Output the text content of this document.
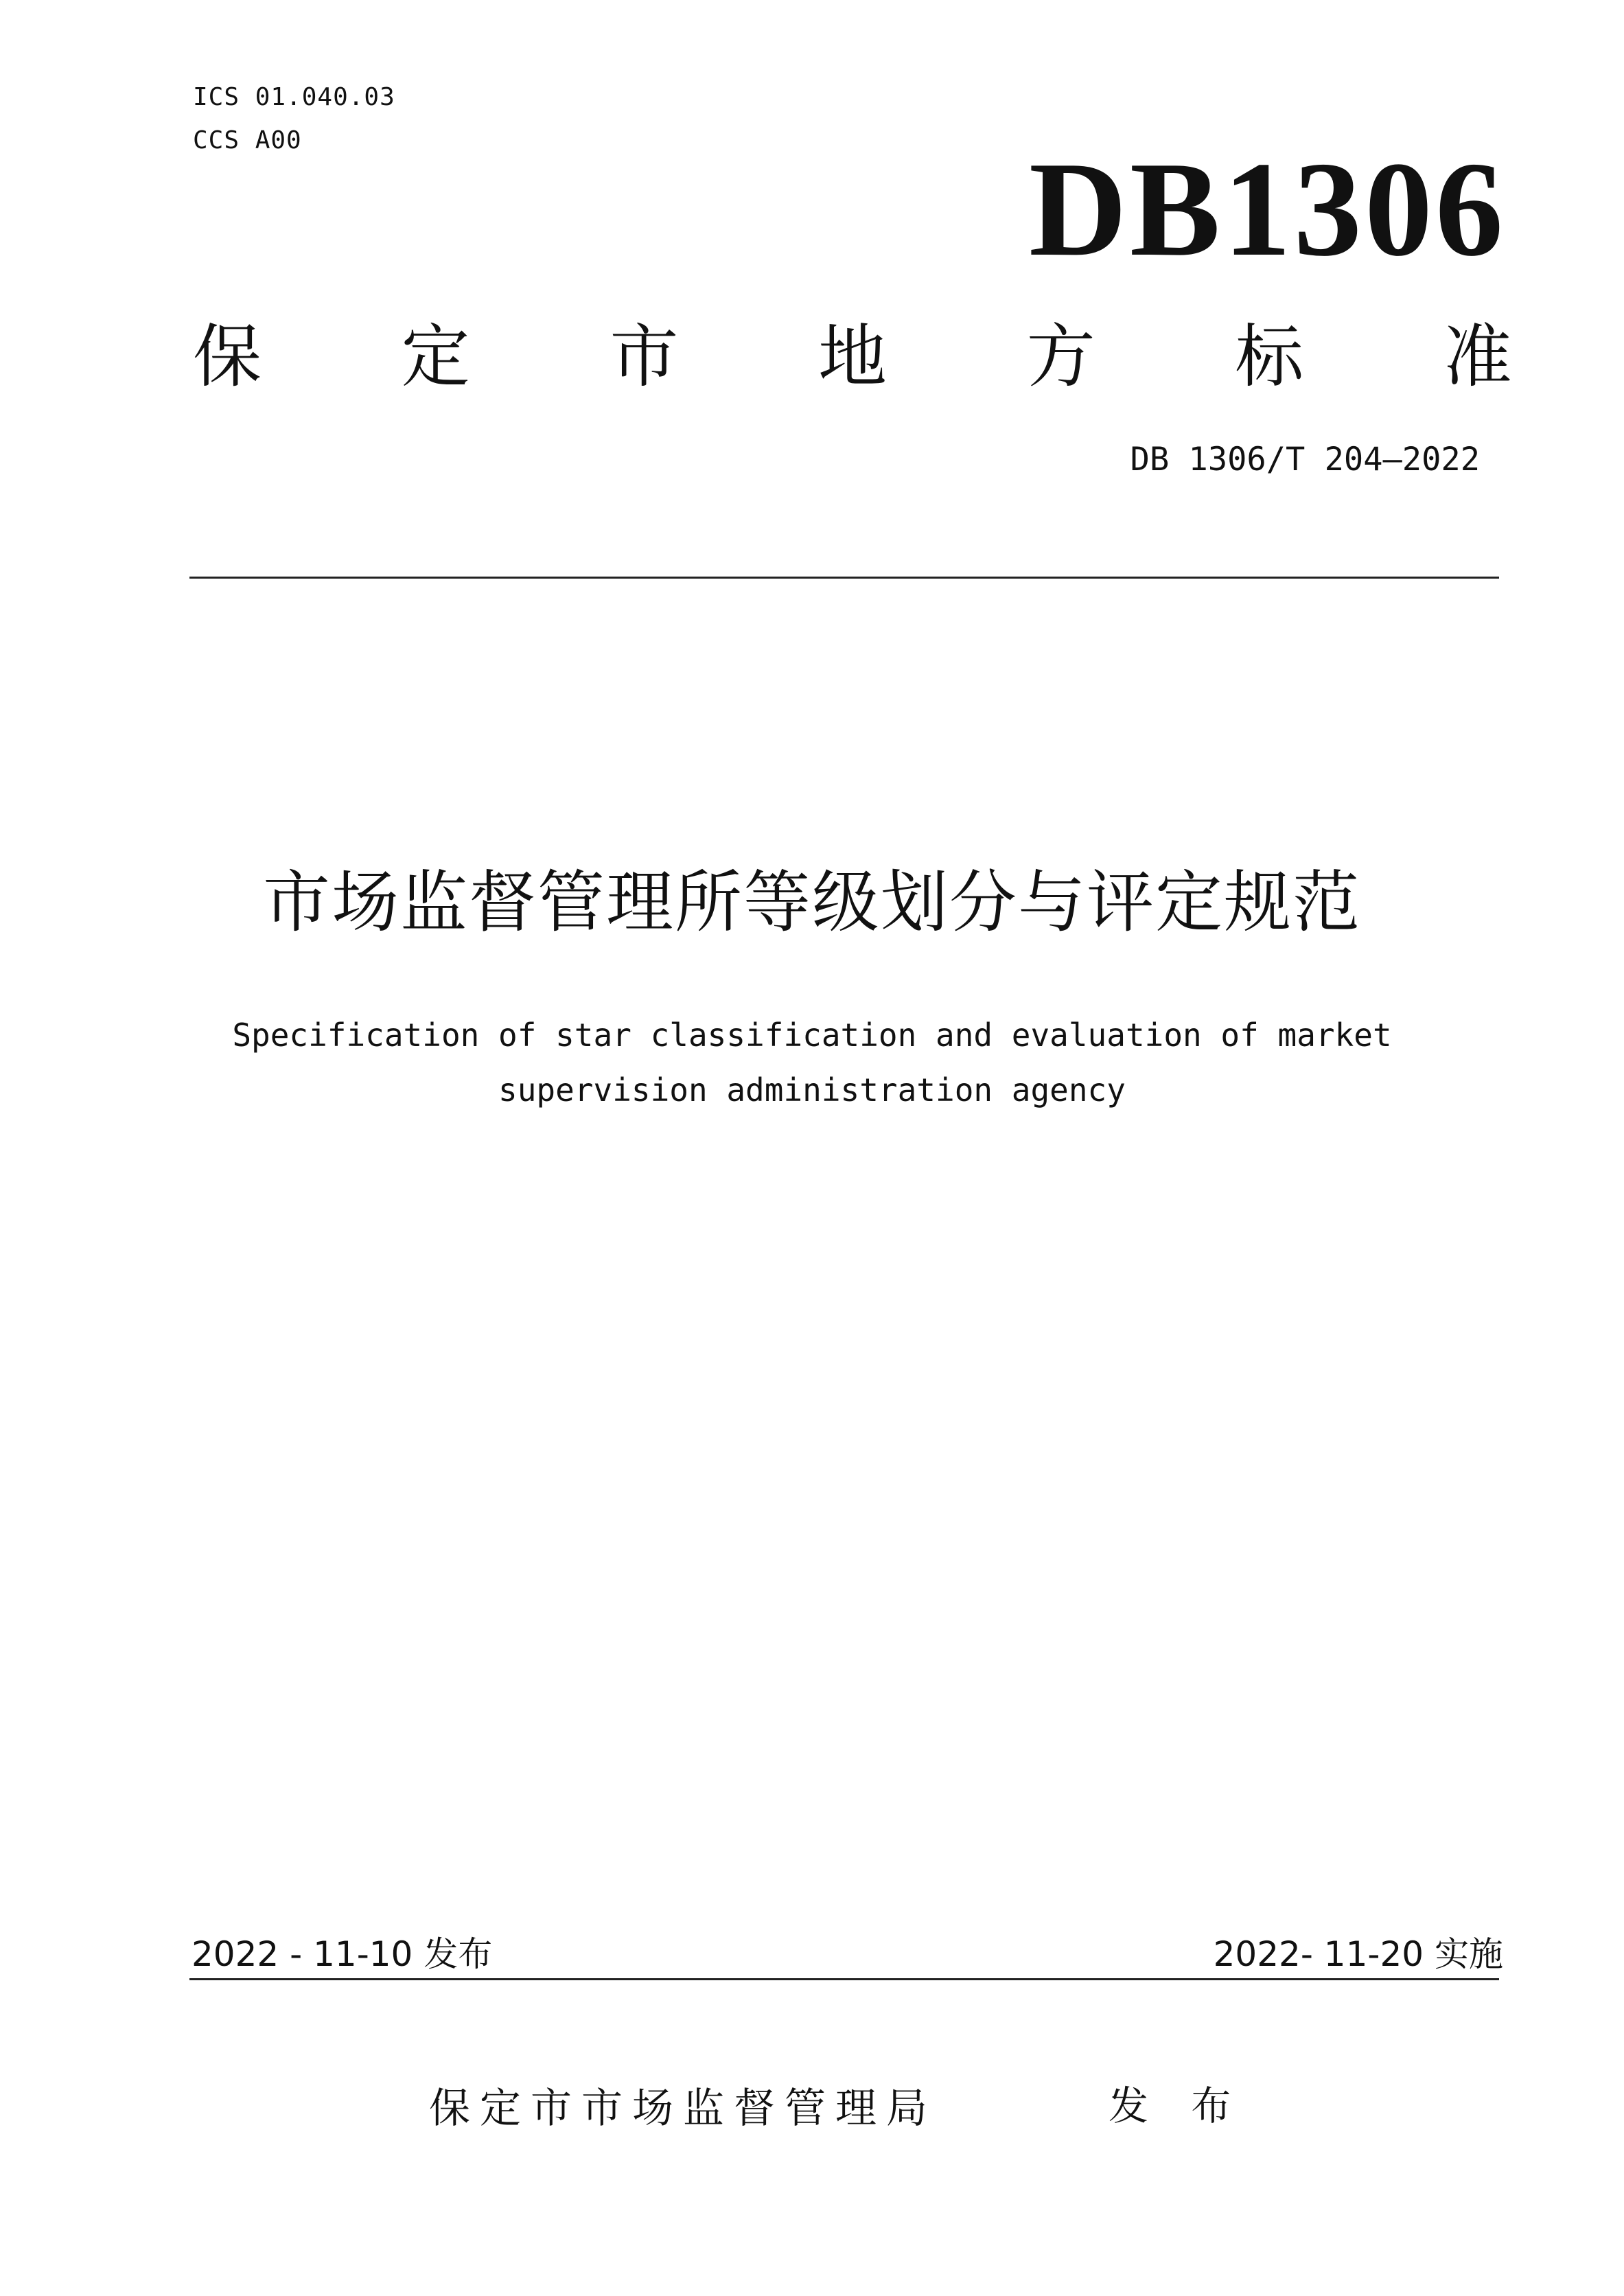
ICS 01.040.03
CCS A00	DB1306
保 定 市 地 方 标 准
DB 1306/T 204—2022
市场监督管理所等级划分与评定规范
Specification of star classification and evaluation of market
supervision administration agency
2022 - 11-10 发布	2022- 11-20 实施
保定市市场监督管理局	发 布
